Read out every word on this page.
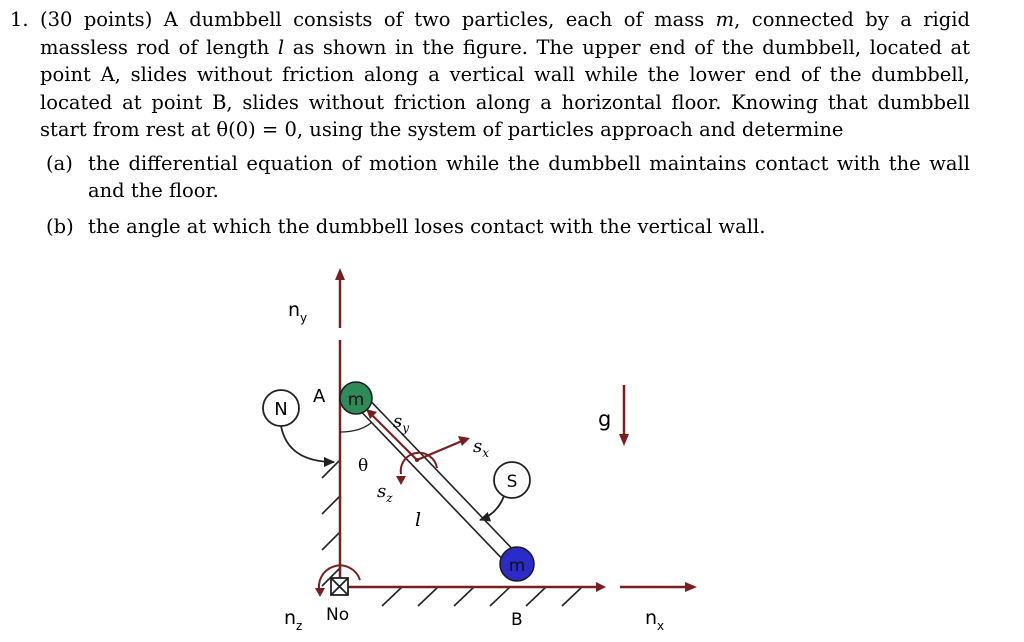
1. (30 points) A dumbbell consists of two particles, each of mass m, connected by a rigid massless rod of length l as shown in the figure. The upper end of the dumbbell, located at point A, slides without friction along a vertical wall while the lower end of the dumbbell, located at point B, slides without friction along a horizontal floor. Knowing that dumbbell start from rest at θ(0) = 0, using the system of particles approach and determine
(a) the differential equation of motion while the dumbbell maintains contact with the wall and the floor.
(b) the angle at which the dumbbell loses contact with the vertical wall.
$n_y$
$n_x$
$n_z$
No
N
S
A
B
m
m
θ
$s_y$
$s_x$
$s_z$
l
g
